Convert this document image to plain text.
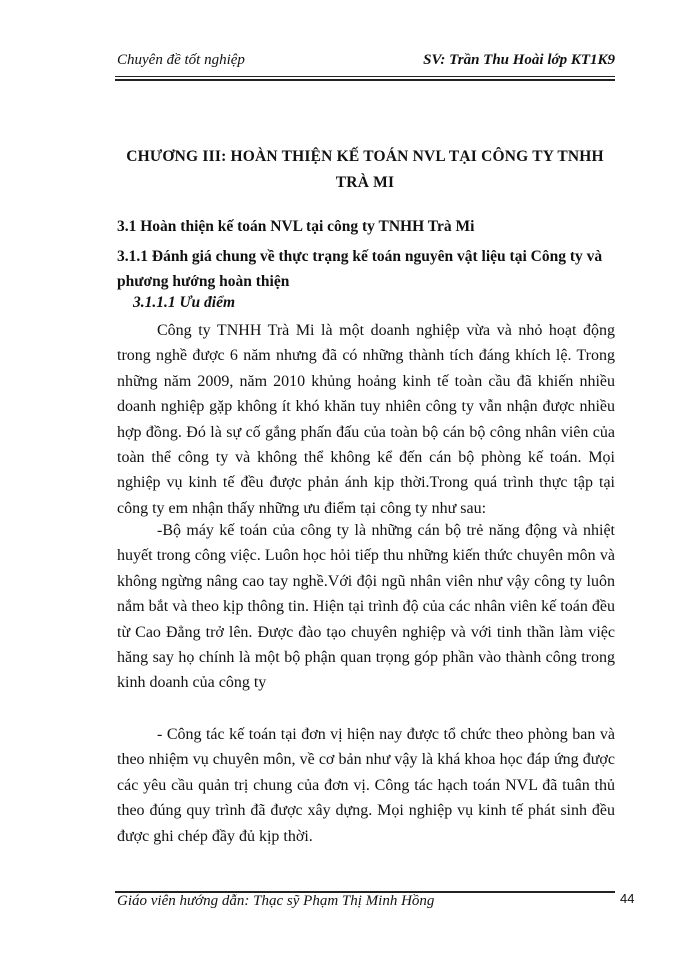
Chuyên đề tốt nghiệp	SV: Trần Thu Hoài lớp KT1K9
CHƯƠNG III: HOÀN THIỆN KẾ TOÁN NVL TẠI CÔNG TY TNHH
TRÀ MI
3.1 Hoàn thiện kế toán NVL tại công ty TNHH Trà Mi
3.1.1 Đánh giá chung về thực trạng kế toán nguyên vật liệu tại Công ty và
phương hướng hoàn thiện
3.1.1.1 Ưu điểm
Công ty TNHH Trà Mi là một doanh nghiệp vừa và nhỏ hoạt động trong nghề được 6 năm nhưng đã có những thành tích đáng khích lệ. Trong những năm 2009, năm 2010 khủng hoảng kinh tế toàn cầu đã khiến nhiều doanh nghiệp gặp không ít khó khăn tuy nhiên công ty vẫn nhận được nhiều hợp đồng. Đó là sự cố gắng phấn đấu của toàn bộ cán bộ công nhân viên của toàn thể công ty và không thể không kể đến cán bộ phòng kế toán. Mọi nghiệp vụ kinh tế đều được phản ánh kịp thời.Trong quá trình thực tập tại công ty em nhận thấy những ưu điểm tại công ty như sau:
-Bộ máy kế toán của công ty là những cán bộ trẻ năng động và nhiệt huyết trong công việc. Luôn học hỏi tiếp thu những kiến thức chuyên môn và không ngừng nâng cao tay nghề.Với đội ngũ nhân viên như vậy công ty luôn nắm bắt và theo kịp thông tin. Hiện tại trình độ của các nhân viên kế toán đều từ Cao Đẳng trở lên. Được đào tạo chuyên nghiệp và với tinh thần làm việc hăng say họ chính là một bộ phận quan trọng góp phần vào thành công trong kinh doanh của công ty
- Công tác kế toán tại đơn vị hiện nay được tổ chức theo phòng ban và theo nhiệm vụ chuyên môn, về cơ bản như vậy là khá khoa học đáp ứng được các yêu cầu quản trị chung của đơn vị. Công tác hạch toán NVL đã tuân thủ theo đúng quy trình đã được xây dựng. Mọi nghiệp vụ kinh tế phát sinh đều được ghi chép đầy đủ kịp thời.
Giáo viên hướng dẫn: Thạc sỹ Phạm Thị Minh Hồng	44
